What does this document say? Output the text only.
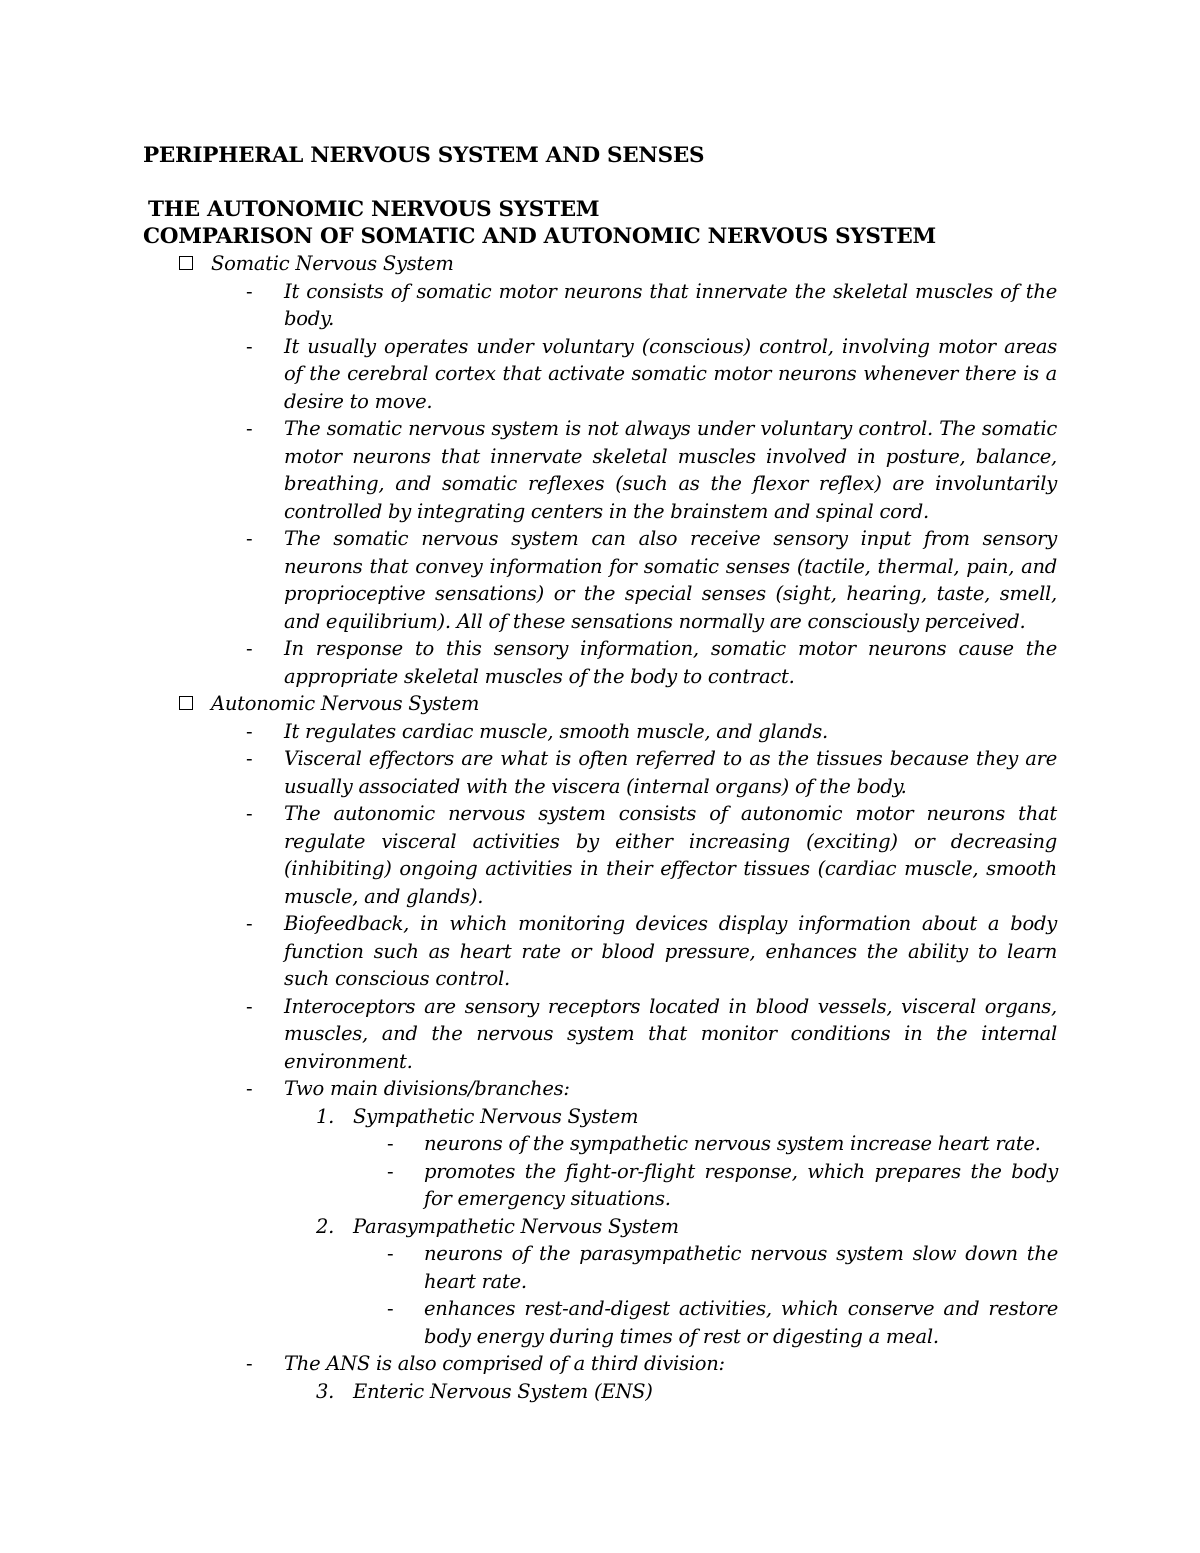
PERIPHERAL NERVOUS SYSTEM AND SENSES
THE AUTONOMIC NERVOUS SYSTEM
COMPARISON OF SOMATIC AND AUTONOMIC NERVOUS SYSTEM
Somatic Nervous System
- It consists of somatic motor neurons that innervate the skeletal muscles of the body.
- It usually operates under voluntary (conscious) control, involving motor areas of the cerebral cortex that activate somatic motor neurons whenever there is a desire to move.
- The somatic nervous system is not always under voluntary control. The somatic motor neurons that innervate skeletal muscles involved in posture, balance, breathing, and somatic reflexes (such as the flexor reflex) are involuntarily controlled by integrating centers in the brainstem and spinal cord.
- The somatic nervous system can also receive sensory input from sensory neurons that convey information for somatic senses (tactile, thermal, pain, and proprioceptive sensations) or the special senses (sight, hearing, taste, smell, and equilibrium). All of these sensations normally are consciously perceived.
- In response to this sensory information, somatic motor neurons cause the appropriate skeletal muscles of the body to contract.
Autonomic Nervous System
- It regulates cardiac muscle, smooth muscle, and glands.
- Visceral effectors are what is often referred to as the tissues because they are usually associated with the viscera (internal organs) of the body.
- The autonomic nervous system consists of autonomic motor neurons that regulate visceral activities by either increasing (exciting) or decreasing (inhibiting) ongoing activities in their effector tissues (cardiac muscle, smooth muscle, and glands).
- Biofeedback, in which monitoring devices display information about a body function such as heart rate or blood pressure, enhances the ability to learn such conscious control.
- Interoceptors are sensory receptors located in blood vessels, visceral organs, muscles, and the nervous system that monitor conditions in the internal environment.
- Two main divisions/branches:
1. Sympathetic Nervous System
- neurons of the sympathetic nervous system increase heart rate.
- promotes the fight-or-flight response, which prepares the body for emergency situations.
2. Parasympathetic Nervous System
- neurons of the parasympathetic nervous system slow down the heart rate.
- enhances rest-and-digest activities, which conserve and restore body energy during times of rest or digesting a meal.
- The ANS is also comprised of a third division:
3. Enteric Nervous System (ENS)
